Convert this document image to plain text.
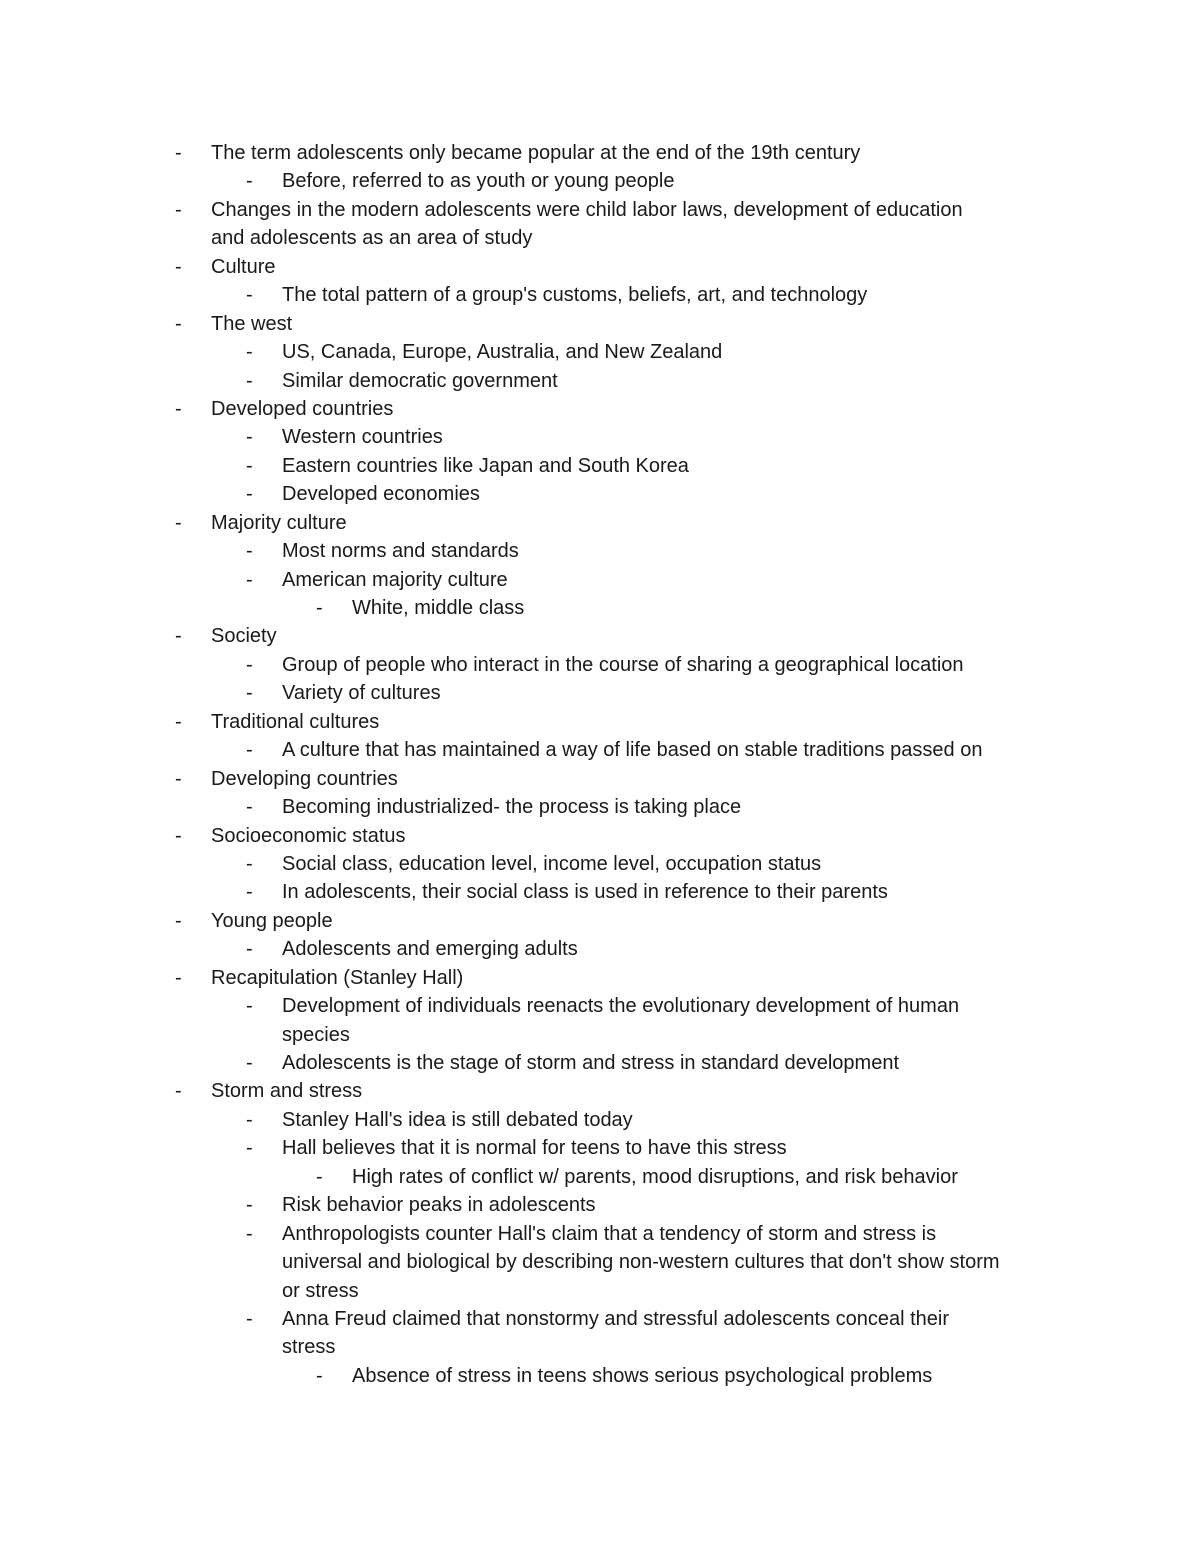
- The term adolescents only became popular at the end of the 19th century
- Before, referred to as youth or young people
- Changes in the modern adolescents were child labor laws, development of education
and adolescents as an area of study
- Culture
- The total pattern of a group's customs, beliefs, art, and technology
- The west
- US, Canada, Europe, Australia, and New Zealand
- Similar democratic government
- Developed countries
- Western countries
- Eastern countries like Japan and South Korea
- Developed economies
- Majority culture
- Most norms and standards
- American majority culture
- White, middle class
- Society
- Group of people who interact in the course of sharing a geographical location
- Variety of cultures
- Traditional cultures
- A culture that has maintained a way of life based on stable traditions passed on
- Developing countries
- Becoming industrialized- the process is taking place
- Socioeconomic status
- Social class, education level, income level, occupation status
- In adolescents, their social class is used in reference to their parents
- Young people
- Adolescents and emerging adults
- Recapitulation (Stanley Hall)
- Development of individuals reenacts the evolutionary development of human
species
- Adolescents is the stage of storm and stress in standard development
- Storm and stress
- Stanley Hall's idea is still debated today
- Hall believes that it is normal for teens to have this stress
- High rates of conflict w/ parents, mood disruptions, and risk behavior
- Risk behavior peaks in adolescents
- Anthropologists counter Hall's claim that a tendency of storm and stress is
universal and biological by describing non-western cultures that don't show storm
or stress
- Anna Freud claimed that nonstormy and stressful adolescents conceal their
stress
- Absence of stress in teens shows serious psychological problems
